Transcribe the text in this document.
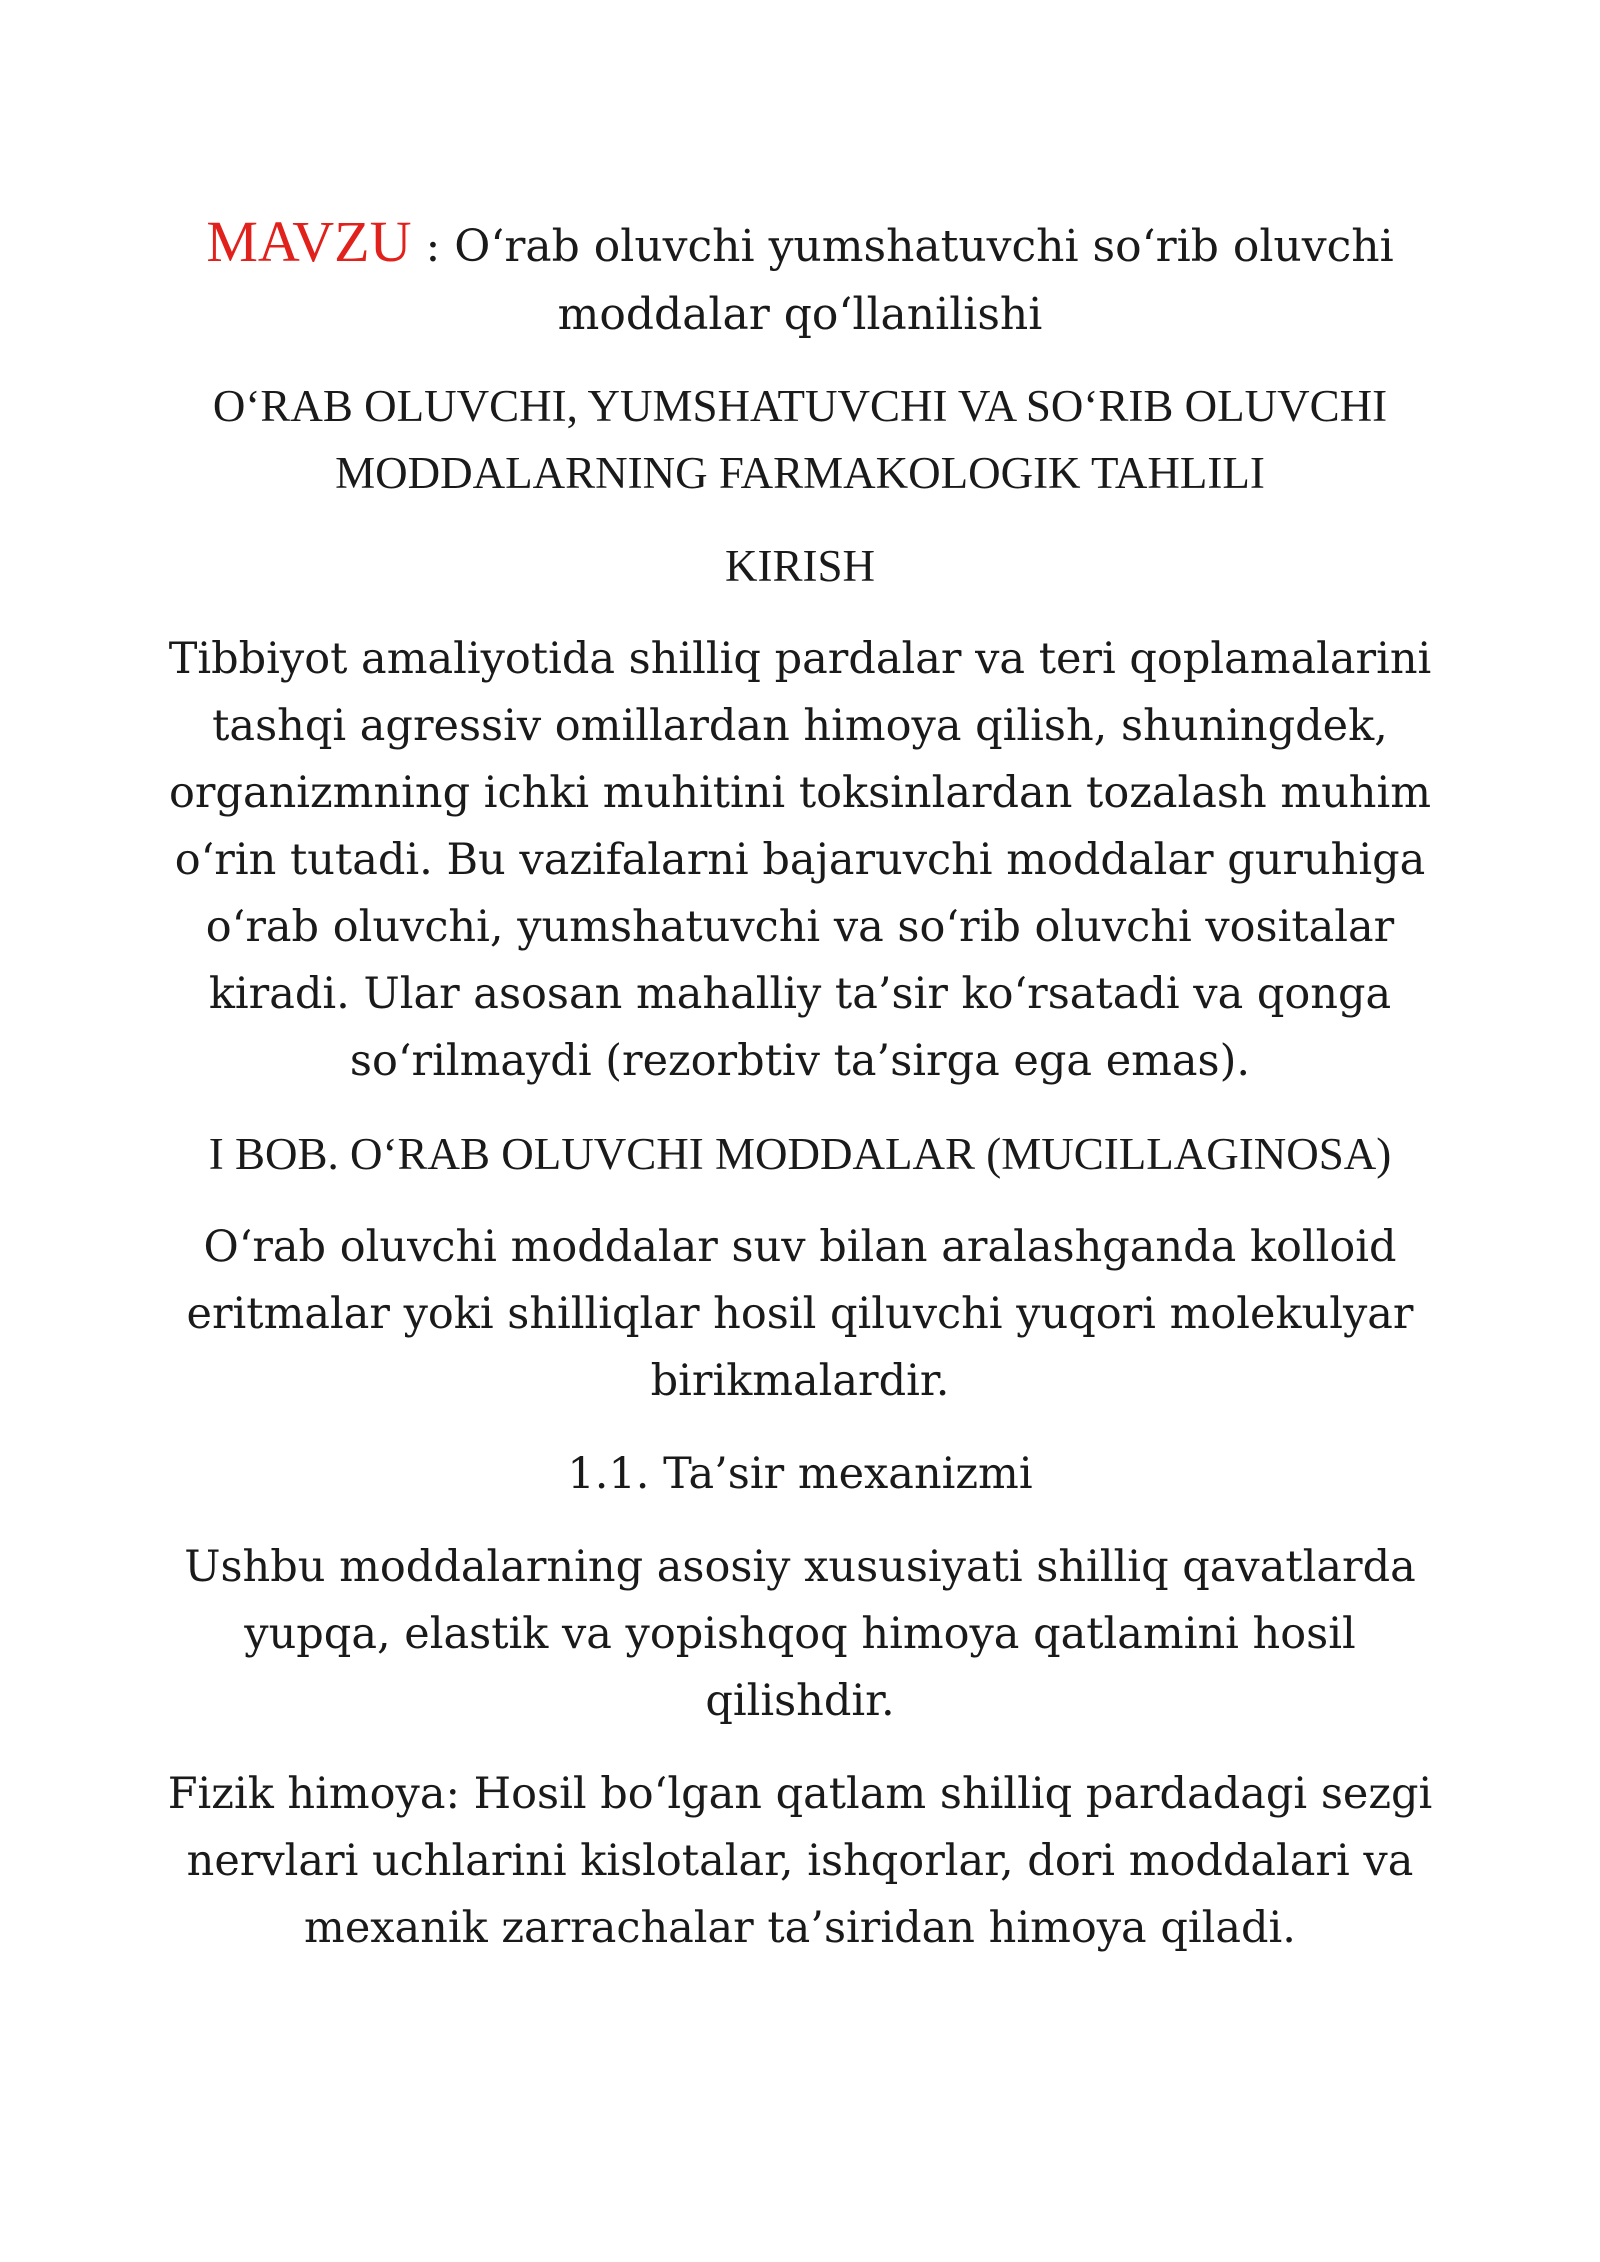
MAVZU : O‘rab oluvchi yumshatuvchi so‘rib oluvchi moddalar qo‘llanilishi
O‘RAB OLUVCHI, YUMSHATUVCHI VA SO‘RIB OLUVCHI MODDALARNING FARMAKOLOGIK TAHLILI
KIRISH

Tibbiyot amaliyotida shilliq pardalar va teri qoplamalarini tashqi agressiv omillardan himoya qilish, shuningdek, organizmning ichki muhitini toksinlardan tozalash muhim o‘rin tutadi. Bu vazifalarni bajaruvchi moddalar guruhiga o‘rab oluvchi, yumshatuvchi va so‘rib oluvchi vositalar kiradi. Ular asosan mahalliy ta’sir ko‘rsatadi va qonga so‘rilmaydi (rezorbtiv ta’sirga ega emas).

I BOB. O‘RAB OLUVCHI MODDALAR (MUCILLAGINOSA)

O‘rab oluvchi moddalar suv bilan aralashganda kolloid eritmalar yoki shilliqlar hosil qiluvchi yuqori molekulyar birikmalardir.

1.1. Ta’sir mexanizmi

Ushbu moddalarning asosiy xususiyati shilliq qavatlarda yupqa, elastik va yopishqoq himoya qatlamini hosil qilishdir.

Fizik himoya: Hosil bo‘lgan qatlam shilliq pardadagi sezgi nervlari uchlarini kislotalar, ishqorlar, dori moddalari va mexanik zarrachalar ta’siridan himoya qiladi.
